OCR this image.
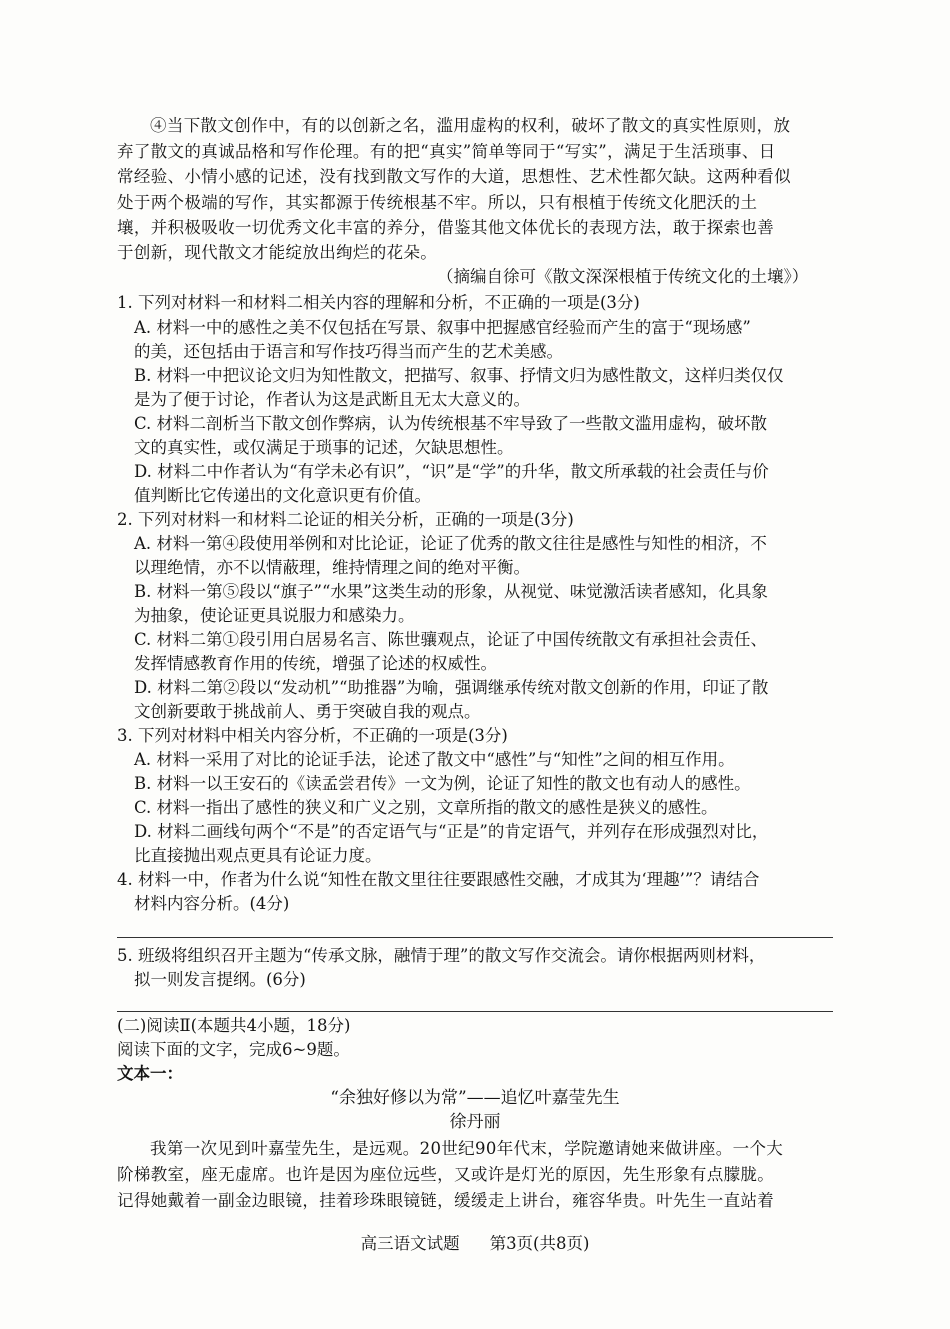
④当下散文创作中，有的以创新之名，滥用虚构的权利，破坏了散文的真实性原则，放

弃了散文的真诚品格和写作伦理。有的把“真实”简单等同于“写实”，满足于生活琐事、日

常经验、小情小感的记述，没有找到散文写作的大道，思想性、艺术性都欠缺。这两种看似

处于两个极端的写作，其实都源于传统根基不牢。所以，只有根植于传统文化肥沃的土

壤，并积极吸收一切优秀文化丰富的养分，借鉴其他文体优长的表现方法，敢于探索也善

于创新，现代散文才能绽放出绚烂的花朵。

（摘编自徐可《散文深深根植于传统文化的土壤》）

1. 下列对材料一和材料二相关内容的理解和分析，不正确的一项是(3分)

A. 材料一中的感性之美不仅包括在写景、叙事中把握感官经验而产生的富于“现场感”

的美，还包括由于语言和写作技巧得当而产生的艺术美感。

B. 材料一中把议论文归为知性散文，把描写、叙事、抒情文归为感性散文，这样归类仅仅

是为了便于讨论，作者认为这是武断且无太大意义的。

C. 材料二剖析当下散文创作弊病，认为传统根基不牢导致了一些散文滥用虚构，破坏散

文的真实性，或仅满足于琐事的记述，欠缺思想性。

D. 材料二中作者认为“有学未必有识”，“识”是“学”的升华，散文所承载的社会责任与价

值判断比它传递出的文化意识更有价值。

2. 下列对材料一和材料二论证的相关分析，正确的一项是(3分)

A. 材料一第④段使用举例和对比论证，论证了优秀的散文往往是感性与知性的相济，不

以理绝情，亦不以情蔽理，维持情理之间的绝对平衡。

B. 材料一第⑤段以“旗子”“水果”这类生动的形象，从视觉、味觉激活读者感知，化具象

为抽象，使论证更具说服力和感染力。

C. 材料二第①段引用白居易名言、陈世骧观点，论证了中国传统散文有承担社会责任、

发挥情感教育作用的传统，增强了论述的权威性。

D. 材料二第②段以“发动机”“助推器”为喻，强调继承传统对散文创新的作用，印证了散

文创新要敢于挑战前人、勇于突破自我的观点。

3. 下列对材料中相关内容分析，不正确的一项是(3分)

A. 材料一采用了对比的论证手法，论述了散文中“感性”与“知性”之间的相互作用。

B. 材料一以王安石的《读孟尝君传》一文为例，论证了知性的散文也有动人的感性。

C. 材料一指出了感性的狭义和广义之别，文章所指的散文的感性是狭义的感性。

D. 材料二画线句两个“不是”的否定语气与“正是”的肯定语气，并列存在形成强烈对比，

比直接抛出观点更具有论证力度。

4. 材料一中，作者为什么说“知性在散文里往往要跟感性交融，才成其为‘理趣’”？请结合

材料内容分析。(4分)

5. 班级将组织召开主题为“传承文脉，融情于理”的散文写作交流会。请你根据两则材料，

拟一则发言提纲。(6分)

(二)阅读Ⅱ(本题共4小题，18分)

阅读下面的文字，完成6~9题。

文本一：

“余独好修以为常”——追忆叶嘉莹先生

徐丹丽

我第一次见到叶嘉莹先生，是远观。20世纪90年代末，学院邀请她来做讲座。一个大

阶梯教室，座无虚席。也许是因为座位远些，又或许是灯光的原因，先生形象有点朦胧。

记得她戴着一副金边眼镜，挂着珍珠眼镜链，缓缓走上讲台，雍容华贵。叶先生一直站着

高三语文试题 第3页(共8页)
